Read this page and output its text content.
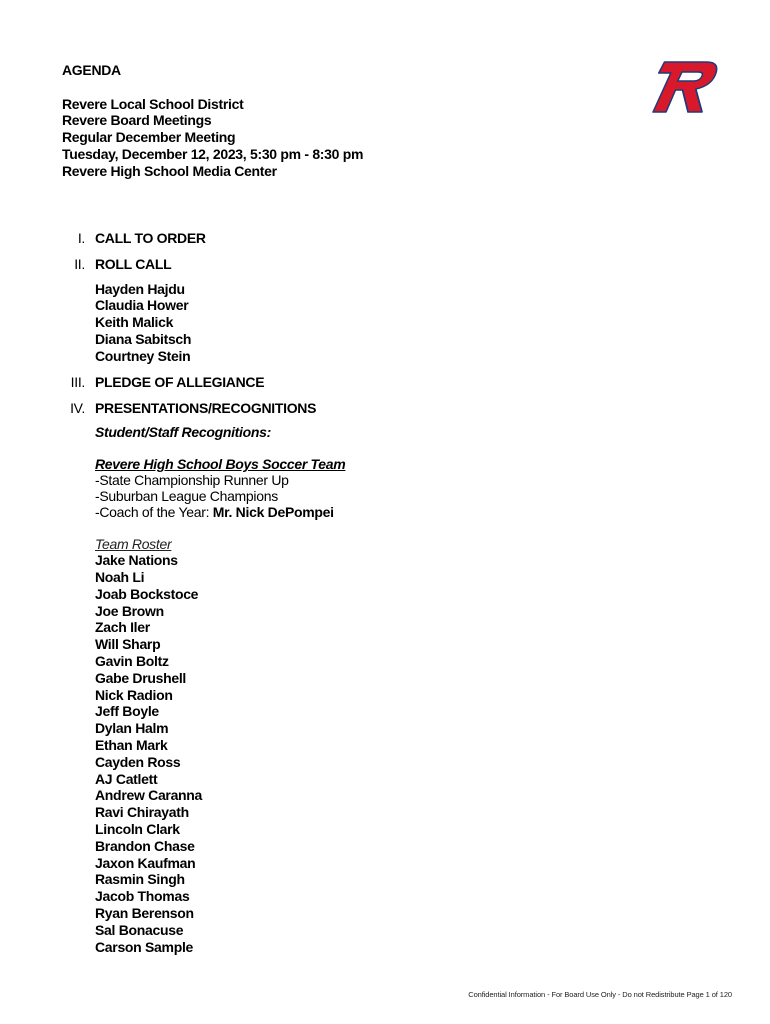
AGENDA
Revere Local School District
Revere Board Meetings
Regular December Meeting
Tuesday, December 12, 2023, 5:30 pm - 8:30 pm
Revere High School Media Center
I. CALL TO ORDER
II. ROLL CALL
Hayden Hajdu
Claudia Hower
Keith Malick
Diana Sabitsch
Courtney Stein
III. PLEDGE OF ALLEGIANCE
IV. PRESENTATIONS/RECOGNITIONS
Student/Staff Recognitions:
Revere High School Boys Soccer Team
-State Championship Runner Up
-Suburban League Champions
-Coach of the Year: Mr. Nick DePompei
Team Roster
Jake Nations
Noah Li
Joab Bockstoce
Joe Brown
Zach Iler
Will Sharp
Gavin Boltz
Gabe Drushell
Nick Radion
Jeff Boyle
Dylan Halm
Ethan Mark
Cayden Ross
AJ Catlett
Andrew Caranna
Ravi Chirayath
Lincoln Clark
Brandon Chase
Jaxon Kaufman
Rasmin Singh
Jacob Thomas
Ryan Berenson
Sal Bonacuse
Carson Sample
Confidential Information - For Board Use Only - Do not Redistribute Page 1 of 120
